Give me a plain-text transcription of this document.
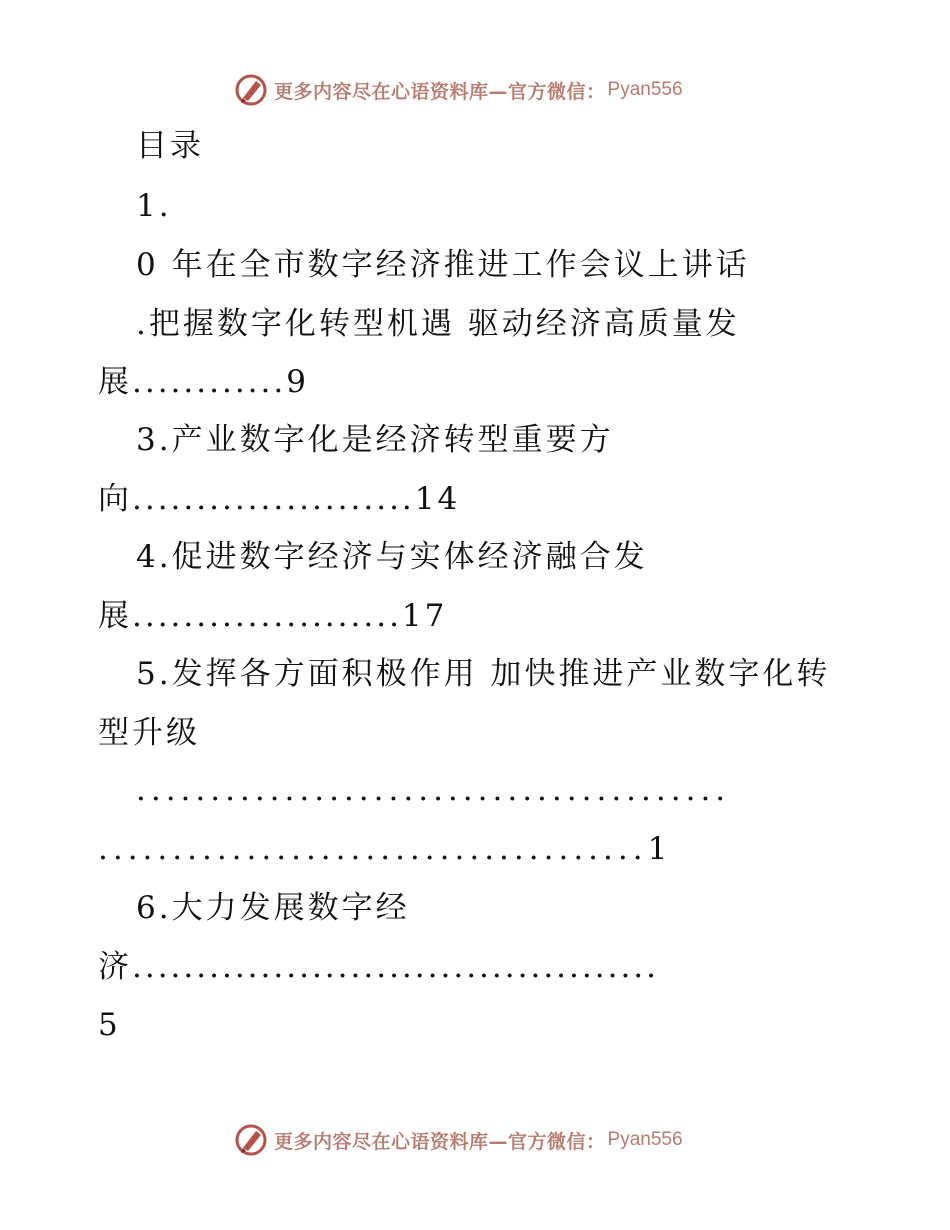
更多内容尽在心语资料库—官方微信： Pyan556
目录
1.
0 年在全市数字经济推进工作会议上讲话
.把握数字化转型机遇 驱动经济高质量发
展............9
3.产业数字化是经济转型重要方
向......................14
4.促进数字经济与实体经济融合发
展.....................17
5.发挥各方面积极作用 加快推进产业数字化转
型升级
........................................
.....................................1
6.大力发展数字经
济.........................................
5
更多内容尽在心语资料库—官方微信： Pyan556
